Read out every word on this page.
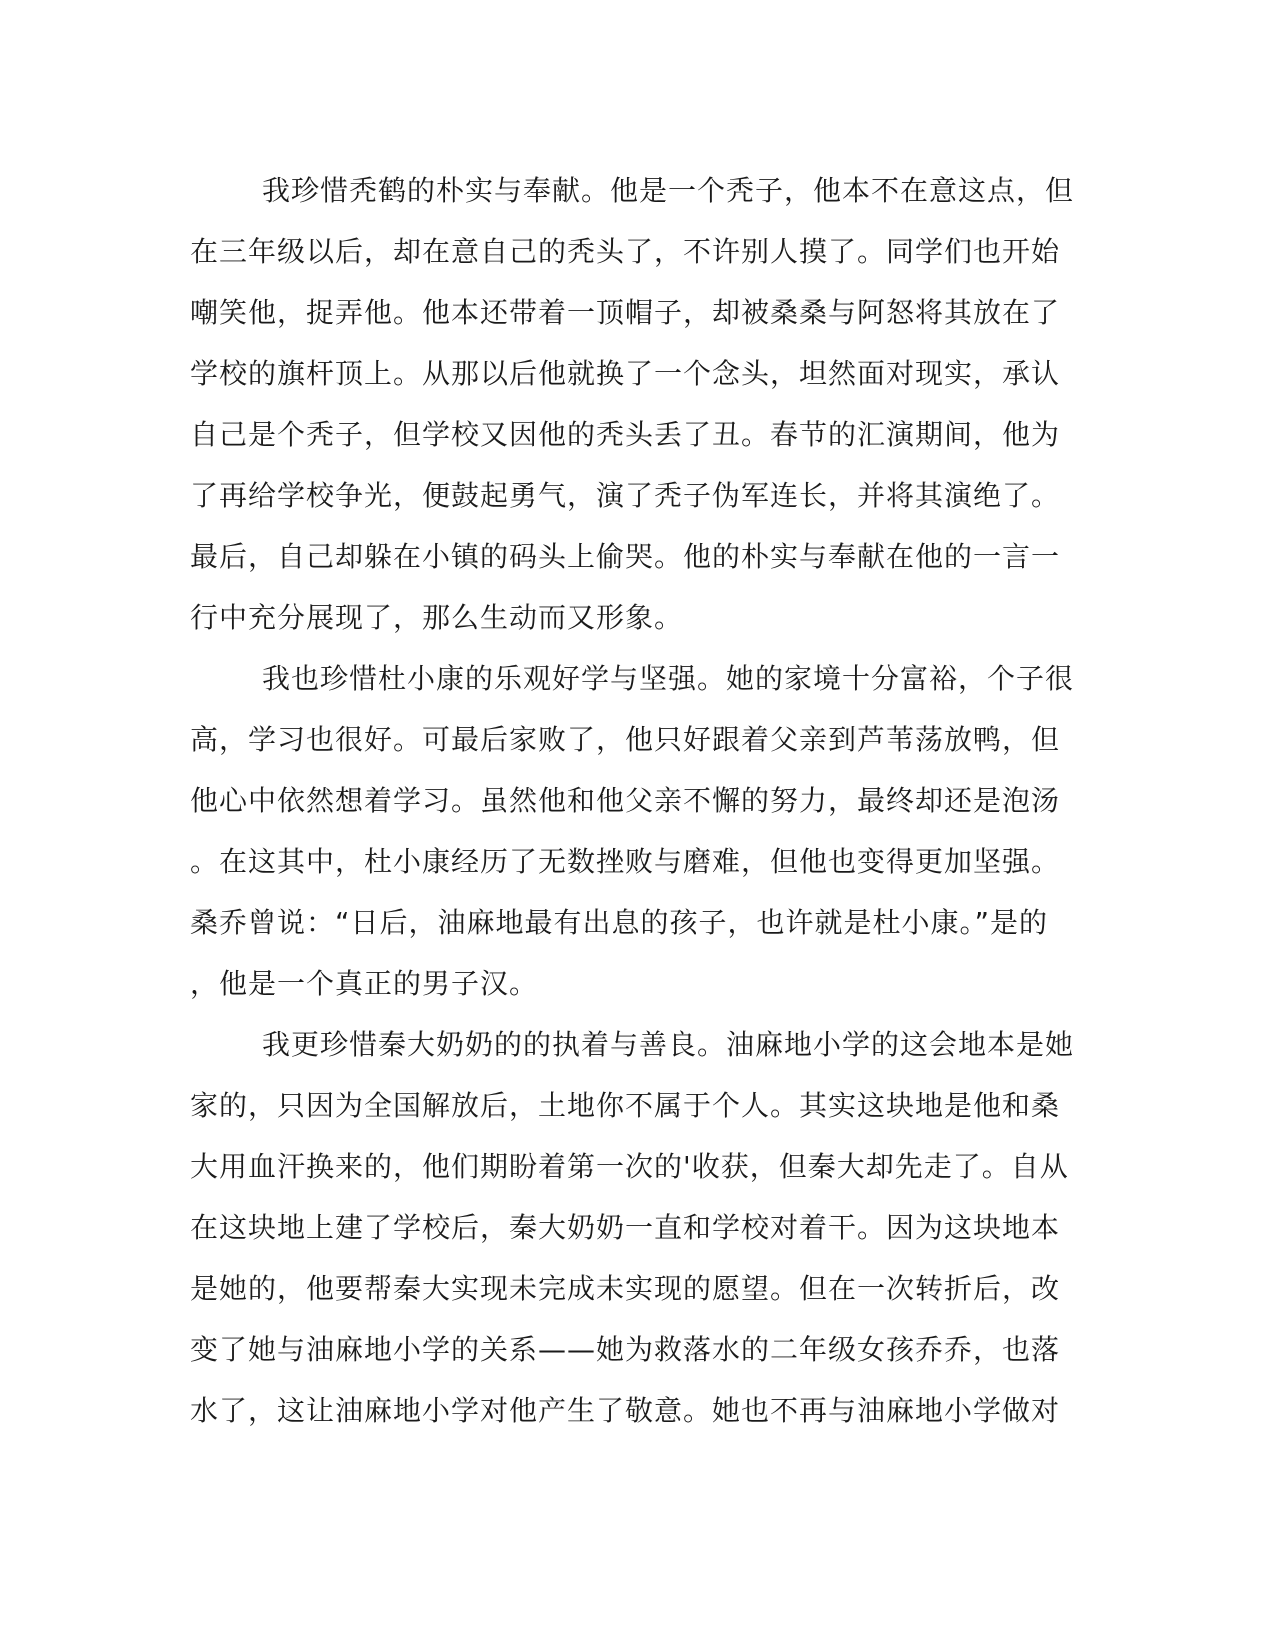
我珍惜秃鹤的朴实与奉献。他是一个秃子，他本不在意这点，但
在三年级以后，却在意自己的秃头了，不许别人摸了。同学们也开始
嘲笑他，捉弄他。他本还带着一顶帽子，却被桑桑与阿怒将其放在了
学校的旗杆顶上。从那以后他就换了一个念头，坦然面对现实，承认
自己是个秃子，但学校又因他的秃头丢了丑。春节的汇演期间，他为
了再给学校争光，便鼓起勇气，演了秃子伪军连长，并将其演绝了。
最后，自己却躲在小镇的码头上偷哭。他的朴实与奉献在他的一言一
行中充分展现了，那么生动而又形象。
我也珍惜杜小康的乐观好学与坚强。她的家境十分富裕，个子很
高，学习也很好。可最后家败了，他只好跟着父亲到芦苇荡放鸭，但
他心中依然想着学习。虽然他和他父亲不懈的努力，最终却还是泡汤
。在这其中，杜小康经历了无数挫败与磨难，但他也变得更加坚强。
桑乔曾说：“日后，油麻地最有出息的孩子，也许就是杜小康。”是的
，他是一个真正的男子汉。
我更珍惜秦大奶奶的的执着与善良。油麻地小学的这会地本是她
家的，只因为全国解放后，土地你不属于个人。其实这块地是他和桑
大用血汗换来的，他们期盼着第一次的'收获，但秦大却先走了。自从
在这块地上建了学校后，秦大奶奶一直和学校对着干。因为这块地本
是她的，他要帮秦大实现未完成未实现的愿望。但在一次转折后，改
变了她与油麻地小学的关系——她为救落水的二年级女孩乔乔，也落
水了，这让油麻地小学对他产生了敬意。她也不再与油麻地小学做对
